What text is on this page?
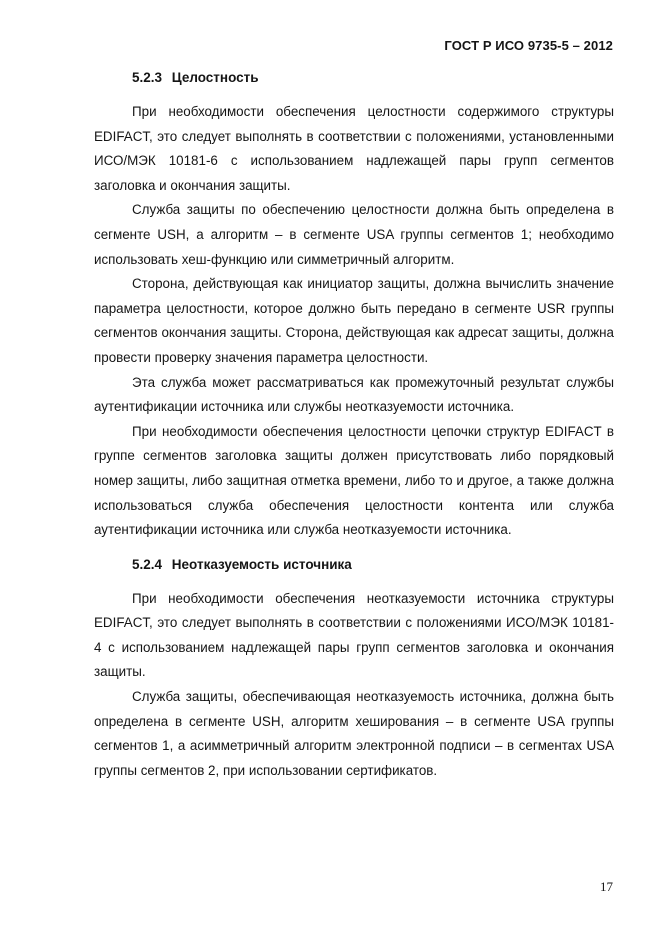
ГОСТ Р ИСО 9735-5 – 2012
5.2.3 Целостность

При необходимости обеспечения целостности содержимого структуры EDIFACT, это следует выполнять в соответствии с положениями, установленными ИСО/МЭК 10181-6 с использованием надлежащей пары групп сегментов заголовка и окончания защиты.

Служба защиты по обеспечению целостности должна быть определена в сегменте USH, а алгоритм – в сегменте USA группы сегментов 1; необходимо использовать хеш-функцию или симметричный алгоритм.

Сторона, действующая как инициатор защиты, должна вычислить значение параметра целостности, которое должно быть передано в сегменте USR группы сегментов окончания защиты. Сторона, действующая как адресат защиты, должна провести проверку значения параметра целостности.

Эта служба может рассматриваться как промежуточный результат службы аутентификации источника или службы неотказуемости источника.

При необходимости обеспечения целостности цепочки структур EDIFACT в группе сегментов заголовка защиты должен присутствовать либо порядковый номер защиты, либо защитная отметка времени, либо то и другое, а также должна использоваться служба обеспечения целостности контента или служба аутентификации источника или служба неотказуемости источника.

5.2.4 Неотказуемость источника

При необходимости обеспечения неотказуемости источника структуры EDIFACT, это следует выполнять в соответствии с положениями ИСО/МЭК 10181-4 с использованием надлежащей пары групп сегментов заголовка и окончания защиты.

Служба защиты, обеспечивающая неотказуемость источника, должна быть определена в сегменте USH, алгоритм хеширования – в сегменте USA группы сегментов 1, а асимметричный алгоритм электронной подписи – в сегментах USA группы сегментов 2, при использовании сертификатов.

17
